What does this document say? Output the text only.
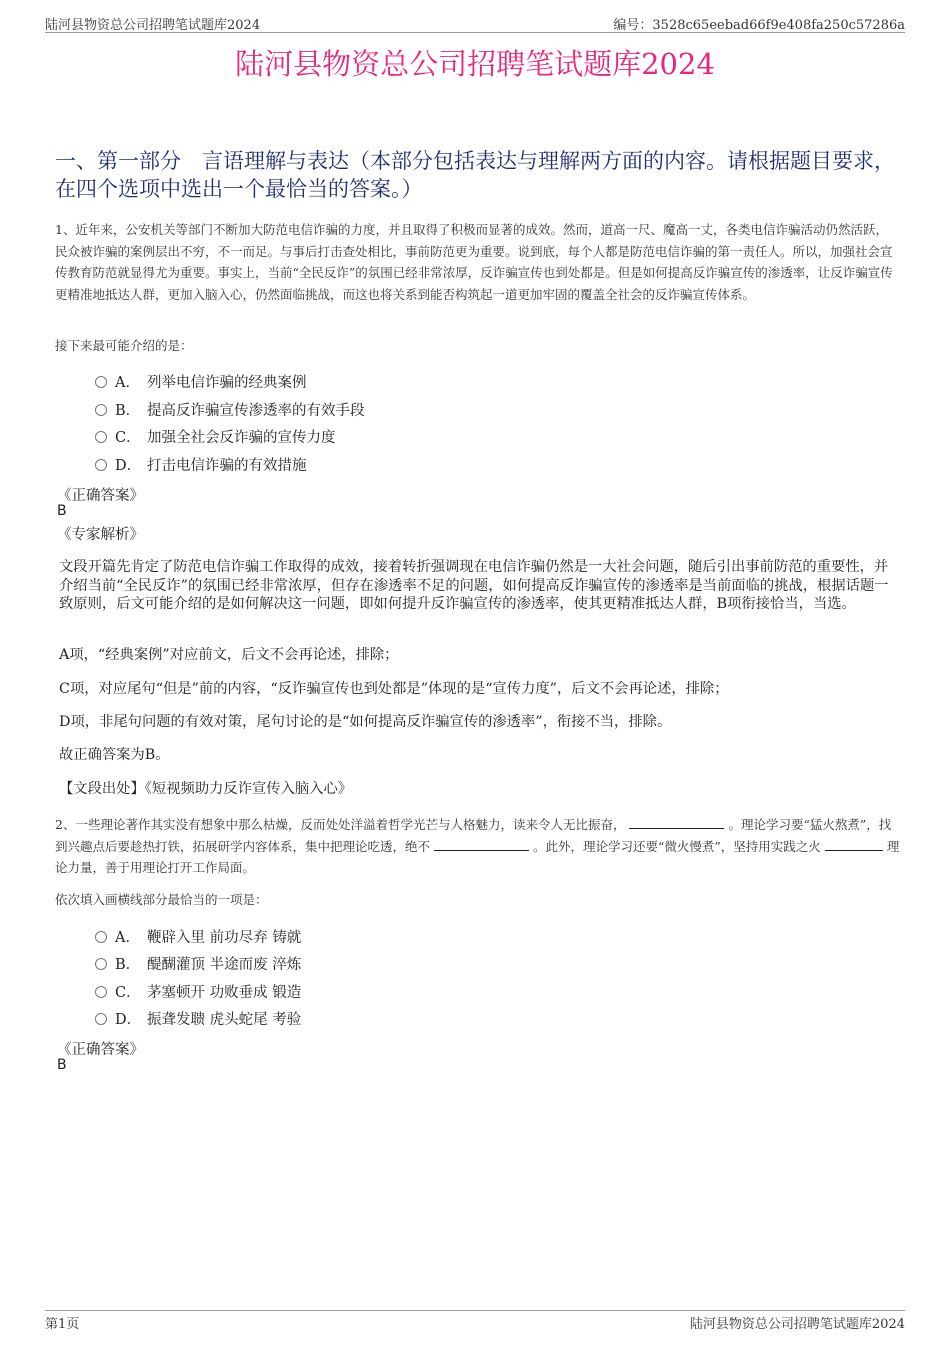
陆河县物资总公司招聘笔试题库2024	编号：3528c65eebad66f9e408fa250c57286a
陆河县物资总公司招聘笔试题库2024
一、第一部分　言语理解与表达（本部分包括表达与理解两方面的内容。请根据题目要求，在四个选项中选出一个最恰当的答案。）
1、近年来，公安机关等部门不断加大防范电信诈骗的力度，并且取得了积极而显著的成效。然而，道高一尺、魔高一丈，各类电信诈骗活动仍然活跃，民众被诈骗的案例层出不穷，不一而足。与事后打击查处相比，事前防范更为重要。说到底，每个人都是防范电信诈骗的第一责任人。所以，加强社会宣传教育防范就显得尤为重要。事实上，当前“全民反诈”的氛围已经非常浓厚，反诈骗宣传也到处都是。但是如何提高反诈骗宣传的渗透率，让反诈骗宣传更精准地抵达人群，更加入脑入心，仍然面临挑战，而这也将关系到能否构筑起一道更加牢固的覆盖全社会的反诈骗宣传体系。
接下来最可能介绍的是：
A． 列举电信诈骗的经典案例
B． 提高反诈骗宣传渗透率的有效手段
C． 加强全社会反诈骗的宣传力度
D． 打击电信诈骗的有效措施
《正确答案》
B
《专家解析》
文段开篇先肯定了防范电信诈骗工作取得的成效，接着转折强调现在电信诈骗仍然是一大社会问题，随后引出事前防范的重要性，并介绍当前“全民反诈”的氛围已经非常浓厚，但存在渗透率不足的问题，如何提高反诈骗宣传的渗透率是当前面临的挑战，根据话题一致原则，后文可能介绍的是如何解决这一问题，即如何提升反诈骗宣传的渗透率，使其更精准抵达人群，B项衔接恰当，当选。
A项，“经典案例”对应前文，后文不会再论述，排除；
C项，对应尾句“但是”前的内容，“反诈骗宣传也到处都是”体现的是“宣传力度”，后文不会再论述，排除；
D项，非尾句问题的有效对策，尾句讨论的是“如何提高反诈骗宣传的渗透率”，衔接不当，排除。
故正确答案为B。
【文段出处】《短视频助力反诈宣传入脑入心》
2、一些理论著作其实没有想象中那么枯燥，反而处处洋溢着哲学光芒与人格魅力，读来令人无比振奋，	。理论学习要“猛火熬煮”，找到兴趣点后要趁热打铁，拓展研学内容体系，集中把理论吃透，绝不	。此外，理论学习还要“微火慢煮”，坚持用实践之火	理论力量，善于用理论打开工作局面。
依次填入画横线部分最恰当的一项是：
A． 鞭辟入里 前功尽弃 铸就
B． 醍醐灌顶 半途而废 淬炼
C． 茅塞顿开 功败垂成 锻造
D． 振聋发聩 虎头蛇尾 考验
《正确答案》
B
第1页	陆河县物资总公司招聘笔试题库2024
